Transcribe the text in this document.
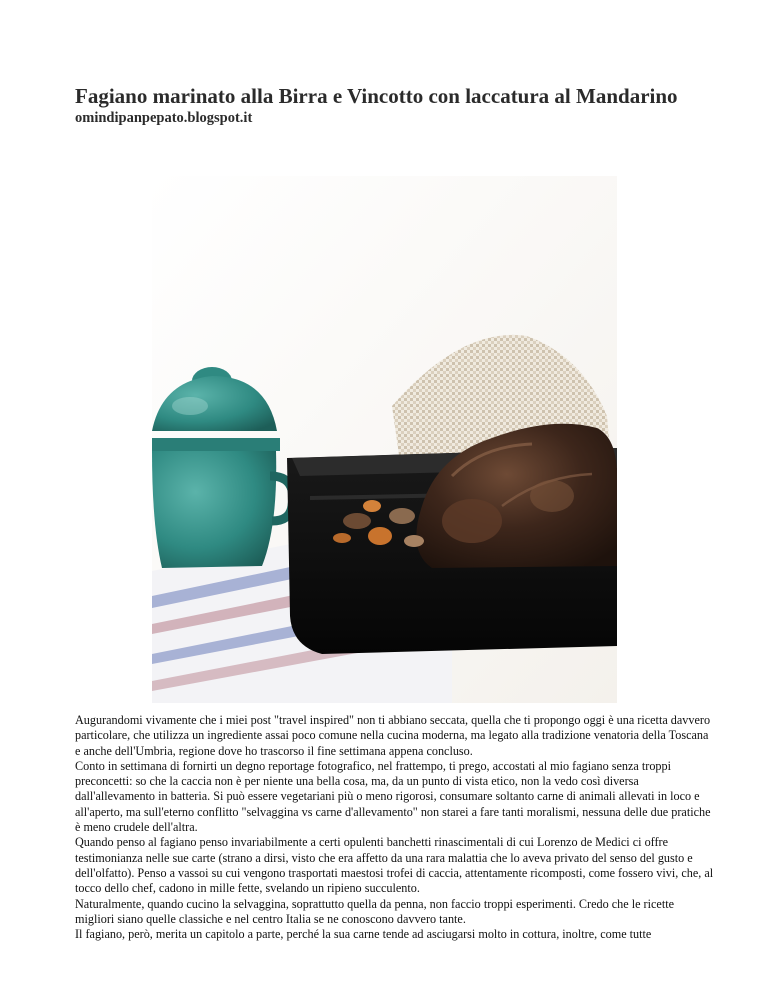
Fagiano marinato alla Birra e Vincotto con laccatura al Mandarino
omindipanpepato.blogspot.it

Augurandomi vivamente che i miei post "travel inspired" non ti abbiano seccata, quella che ti propongo oggi è una ricetta davvero particolare, che utilizza un ingrediente assai poco comune nella cucina moderna, ma legato alla tradizione venatoria della Toscana e anche dell'Umbria, regione dove ho trascorso il fine settimana appena concluso.

Conto in settimana di fornirti un degno reportage fotografico, nel frattempo, ti prego, accostati al mio fagiano senza troppi preconcetti: so che la caccia non è per niente una bella cosa, ma, da un punto di vista etico, non la vedo così diversa dall'allevamento in batteria. Si può essere vegetariani più o meno rigorosi, consumare soltanto carne di animali allevati in loco e all'aperto, ma sull'eterno conflitto "selvaggina vs carne d'allevamento" non starei a fare tanti moralismi, nessuna delle due pratiche è meno crudele dell'altra.

Quando penso al fagiano penso invariabilmente a certi opulenti banchetti rinascimentali di cui Lorenzo de Medici ci offre testimonianza nelle sue carte (strano a dirsi, visto che era affetto da una rara malattia che lo aveva privato del senso del gusto e dell'olfatto). Penso a vassoi su cui vengono trasportati maestosi trofei di caccia, attentamente ricomposti, come fossero vivi, che, al tocco dello chef, cadono in mille fette, svelando un ripieno succulento.

Naturalmente, quando cucino la selvaggina, soprattutto quella da penna, non faccio troppi esperimenti. Credo che le ricette migliori siano quelle classiche e nel centro Italia se ne conoscono davvero tante.

Il fagiano, però, merita un capitolo a parte, perché la sua carne tende ad asciugarsi molto in cottura, inoltre, come tutte
